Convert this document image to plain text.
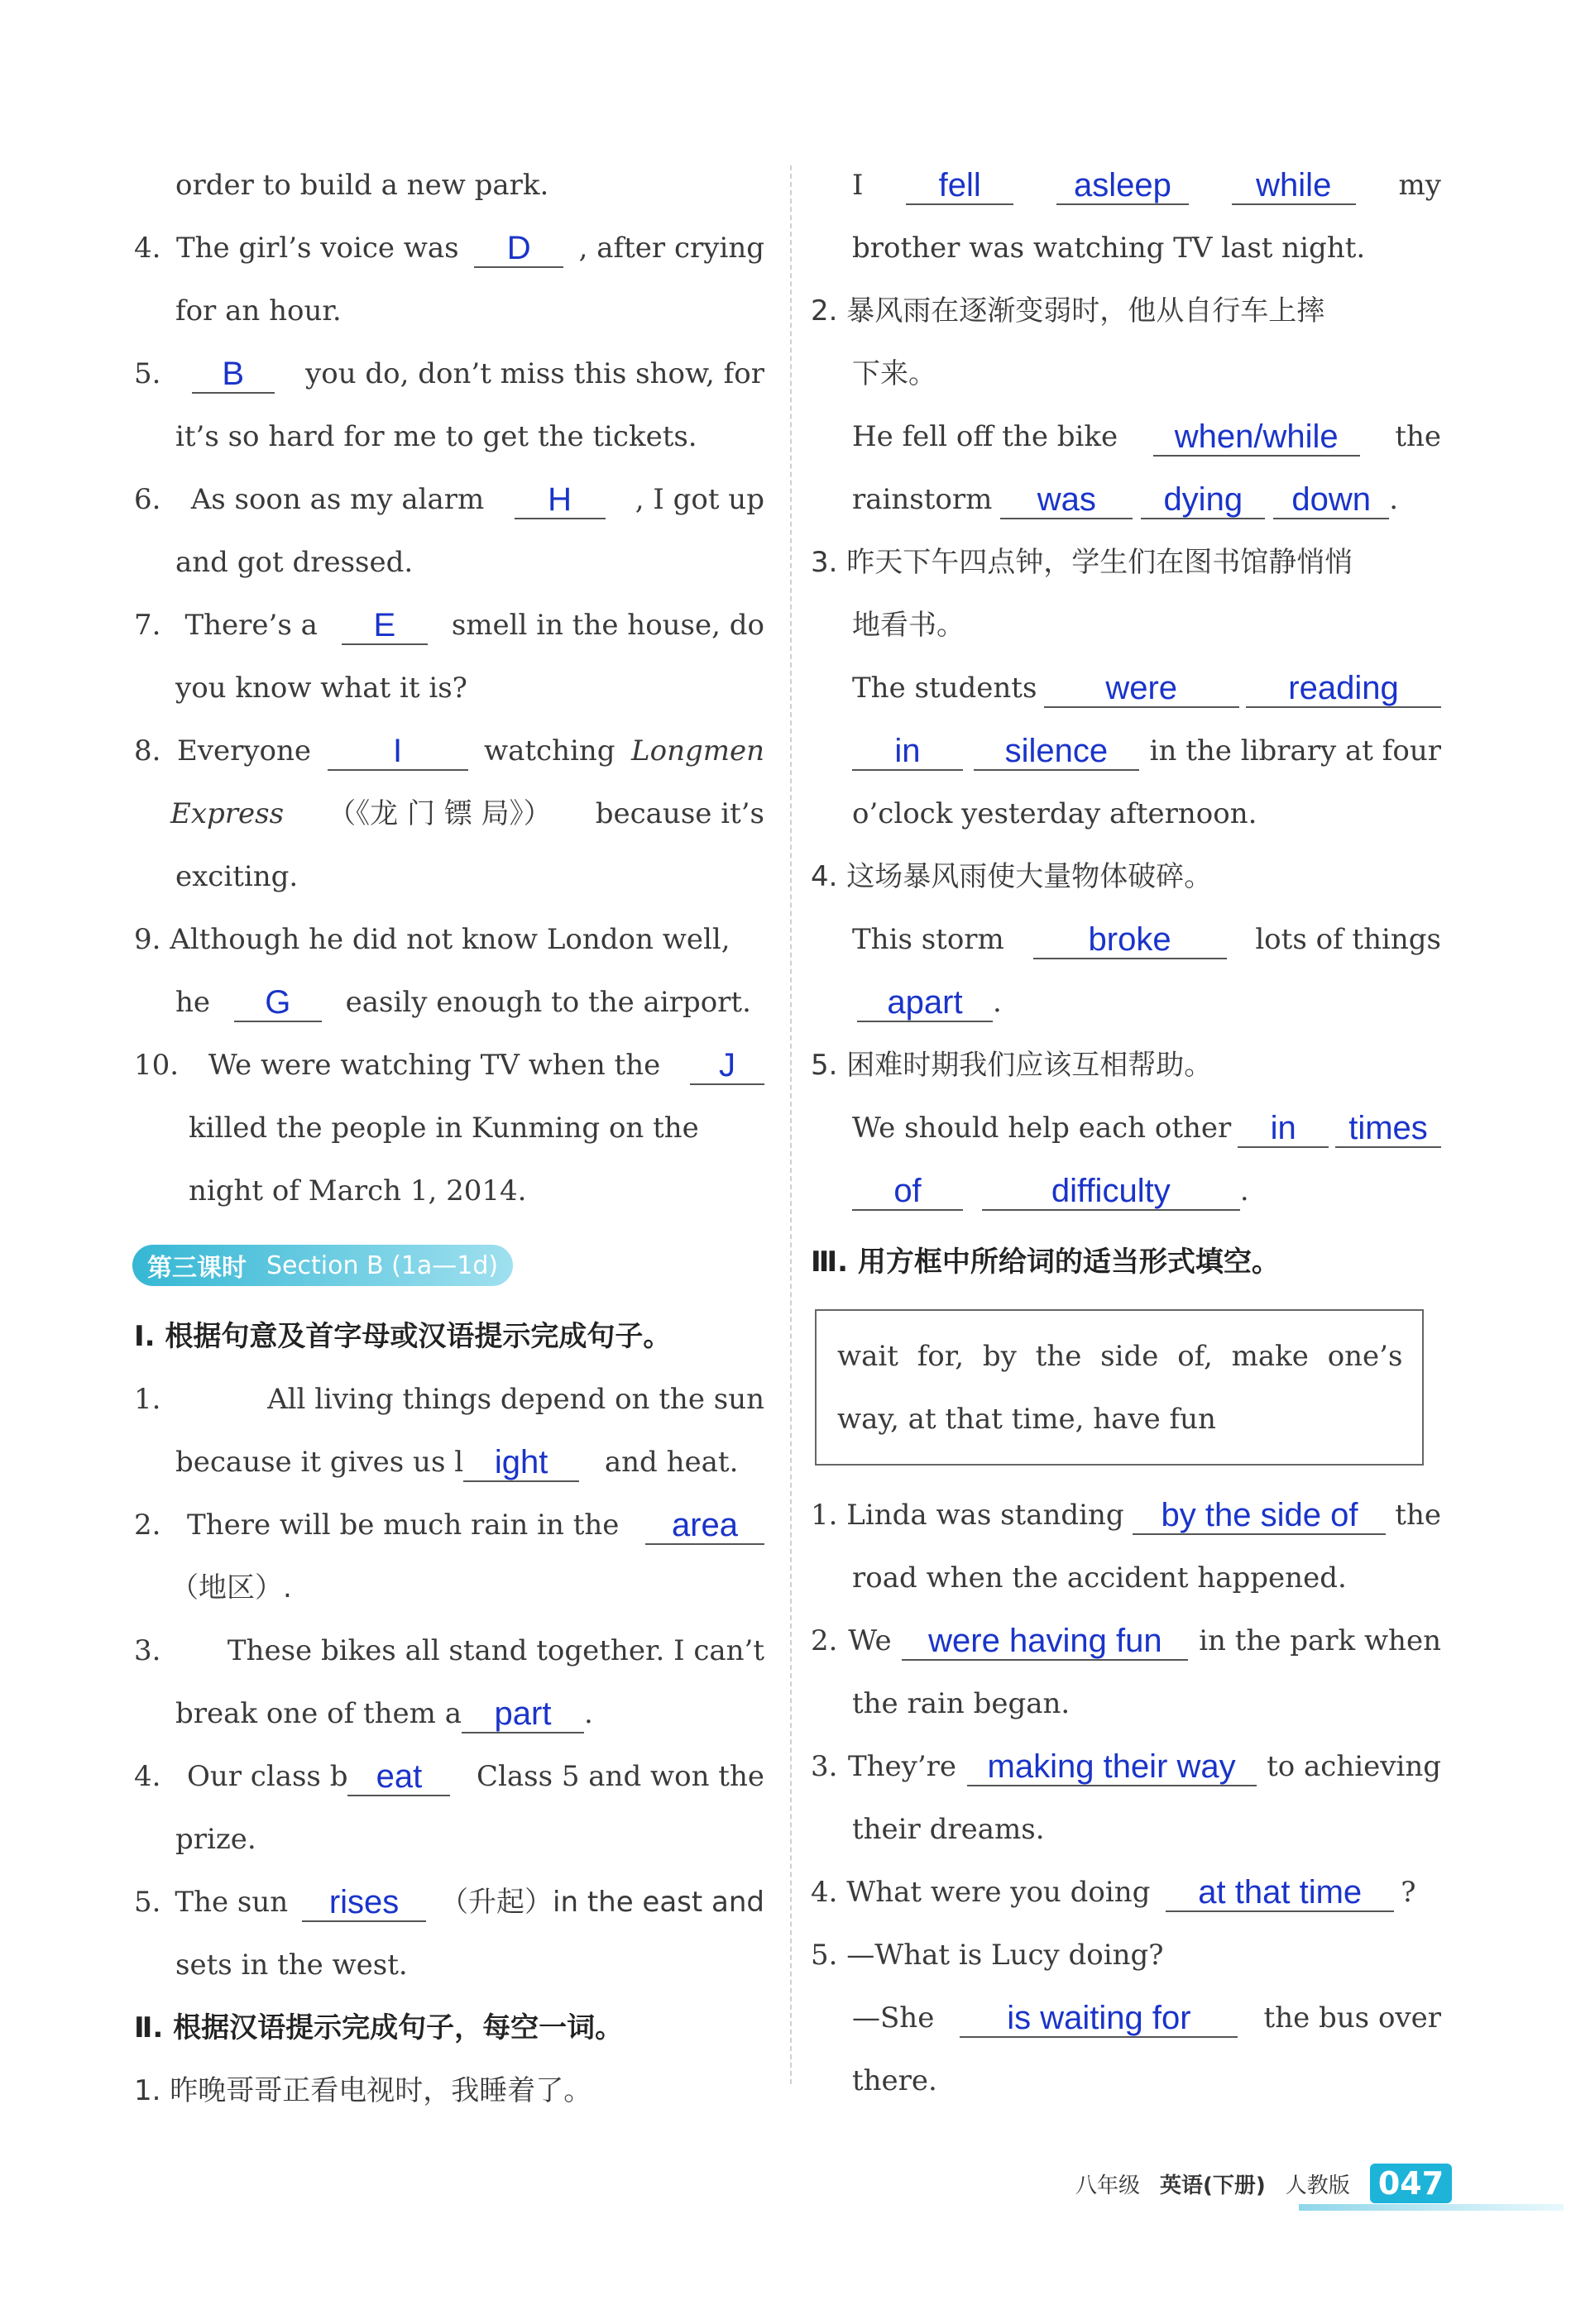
order to build a new park.
4. The girl’s voice was	D	, after crying
for an hour.
5.	B	you do, don’t miss this show, for
it’s so hard for me to get the tickets.
6. As soon as my alarm	H	, I got up
and got dressed.
7. There’s a	E	smell in the house, do
you know what it is?
8. Everyone	I	watching Longmen
Express （《龙 门 镖 局》） because it’s
exciting.
9. Although he did not know London well,
he G easily enough to the airport.
10. We were watching TV when the	J
killed the people in Kunming on the
night of March 1, 2014.
第三课时 Section B (1a—1d)
Ⅰ. 根据句意及首字母或汉语提示完成句子。
1.	All living things depend on the sun
because it gives us l ight and heat.
2. There will be much rain in the	area
（地区）.
3. These bikes all stand together. I can’t
break one of them a part .
4. Our class b eat	Class 5 and won the
prize.
5. The sun	rises	（升起）in the east and
sets in the west.
Ⅱ. 根据汉语提示完成句子，每空一词。
1. 昨晚哥哥正看电视时，我睡着了。
I	fell	asleep	while	my
brother was watching TV last night.
2. 暴风雨在逐渐变弱时，他从自行车上摔
下来。
He fell off the bike	when/while	the
rainstorm	was	dying	down .
3. 昨天下午四点钟，学生们在图书馆静悄悄
地看书。
The students	were	reading
in	silence	in the library at four
o’clock yesterday afternoon.
4. 这场暴风雨使大量物体破碎。
This storm	broke	lots of things
apart .
5. 困难时期我们应该互相帮助。
We should help each other	in	times
of	difficulty .
Ⅲ. 用方框中所给词的适当形式填空。
wait for, by the side of, make one’s
way, at that time, have fun
1. Linda was standing	by the side of	the
road when the accident happened.
2. We	were having fun	in the park when
the rain began.
3. They’re making their way	to achieving
their dreams.
4. What were you doing at that time ?
5. —What is Lucy doing?
—She	is waiting for	the bus over
there.
八年级 英语(下册) 人教版 047
